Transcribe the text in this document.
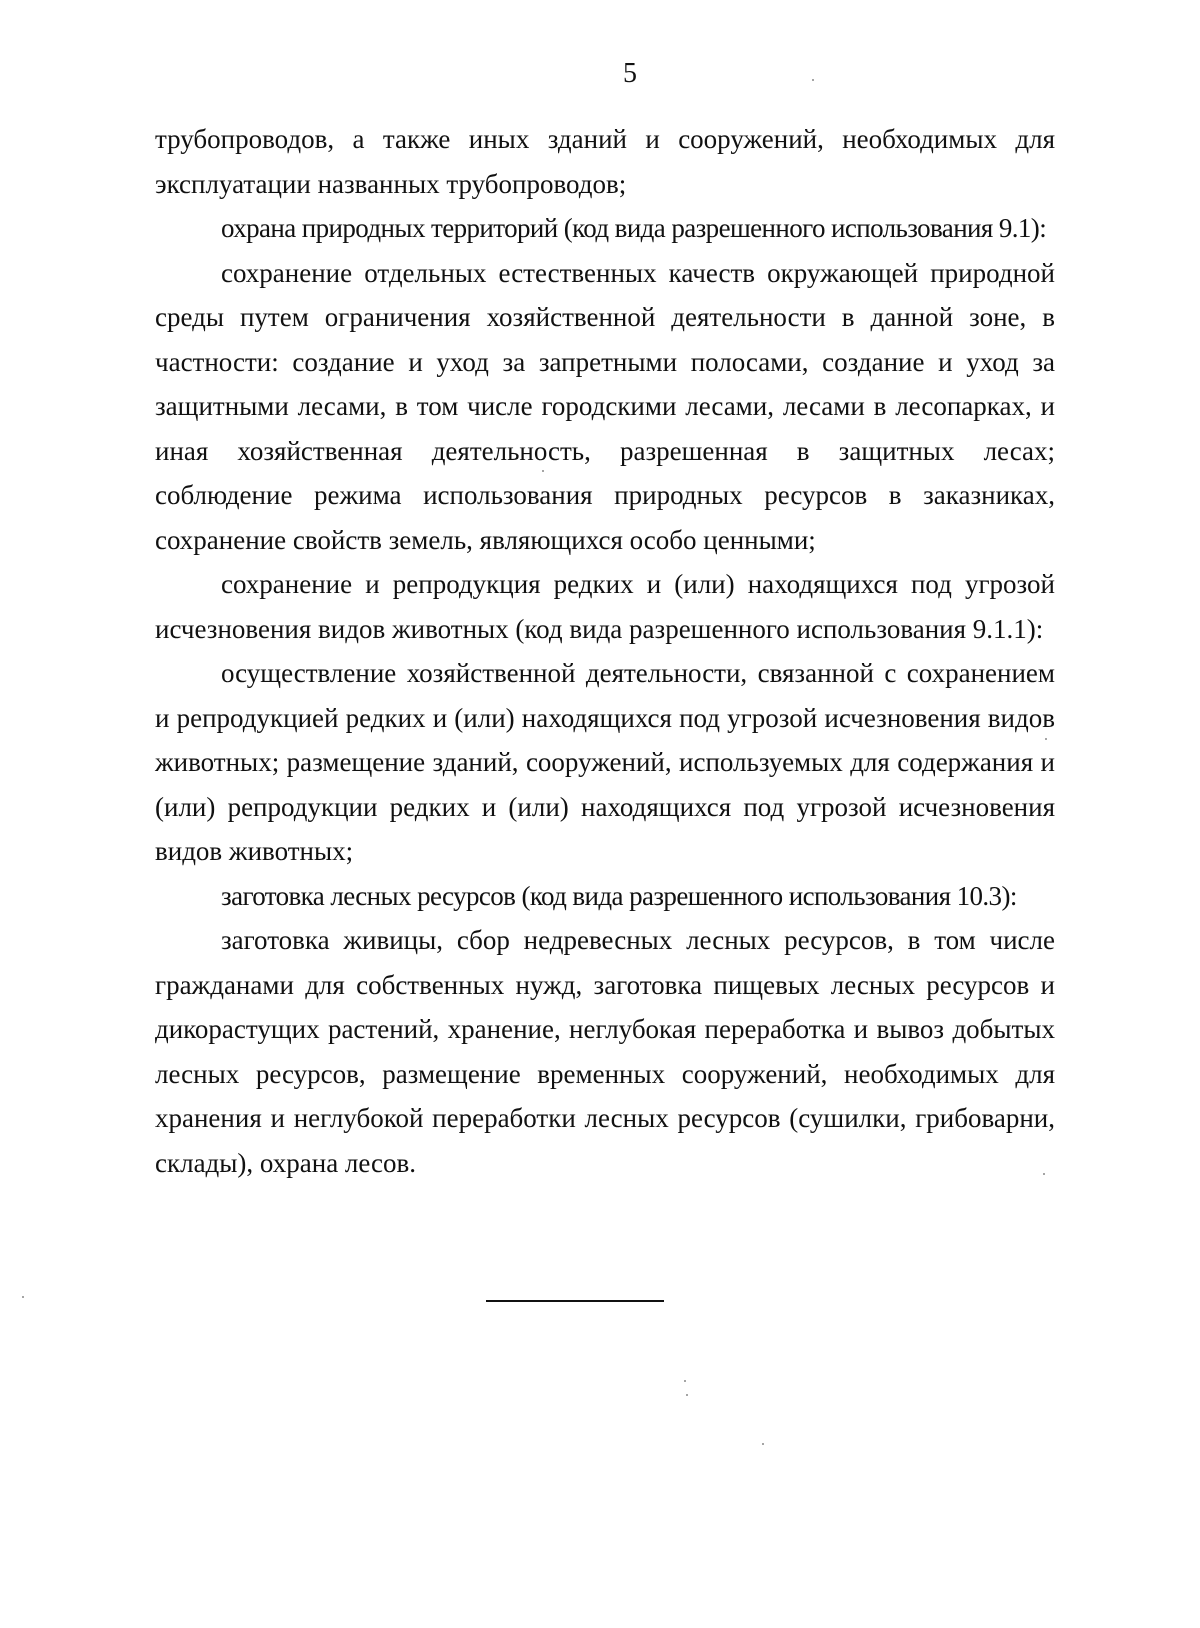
5

трубопроводов, а также иных зданий и сооружений, необходимых для эксплуатации названных трубопроводов;

охрана природных территорий (код вида разрешенного использования 9.1):

сохранение отдельных естественных качеств окружающей природной среды путем ограничения хозяйственной деятельности в данной зоне, в частности: создание и уход за запретными полосами, создание и уход за защитными лесами, в том числе городскими лесами, лесами в лесопарках, и иная хозяйственная деятельность, разрешенная в защитных лесах; соблюдение режима использования природных ресурсов в заказниках, сохранение свойств земель, являющихся особо ценными;

сохранение и репродукция редких и (или) находящихся под угрозой исчезновения видов животных (код вида разрешенного использования 9.1.1):

осуществление хозяйственной деятельности, связанной с сохранением и репродукцией редких и (или) находящихся под угрозой исчезновения видов животных; размещение зданий, сооружений, используемых для содержания и (или) репродукции редких и (или) находящихся под угрозой исчезновения видов животных;

заготовка лесных ресурсов (код вида разрешенного использования 10.3):

заготовка живицы, сбор недревесных лесных ресурсов, в том числе гражданами для собственных нужд, заготовка пищевых лесных ресурсов и дикорастущих растений, хранение, неглубокая переработка и вывоз добытых лесных ресурсов, размещение временных сооружений, необходимых для хранения и неглубокой переработки лесных ресурсов (сушилки, грибоварни, склады), охрана лесов.
